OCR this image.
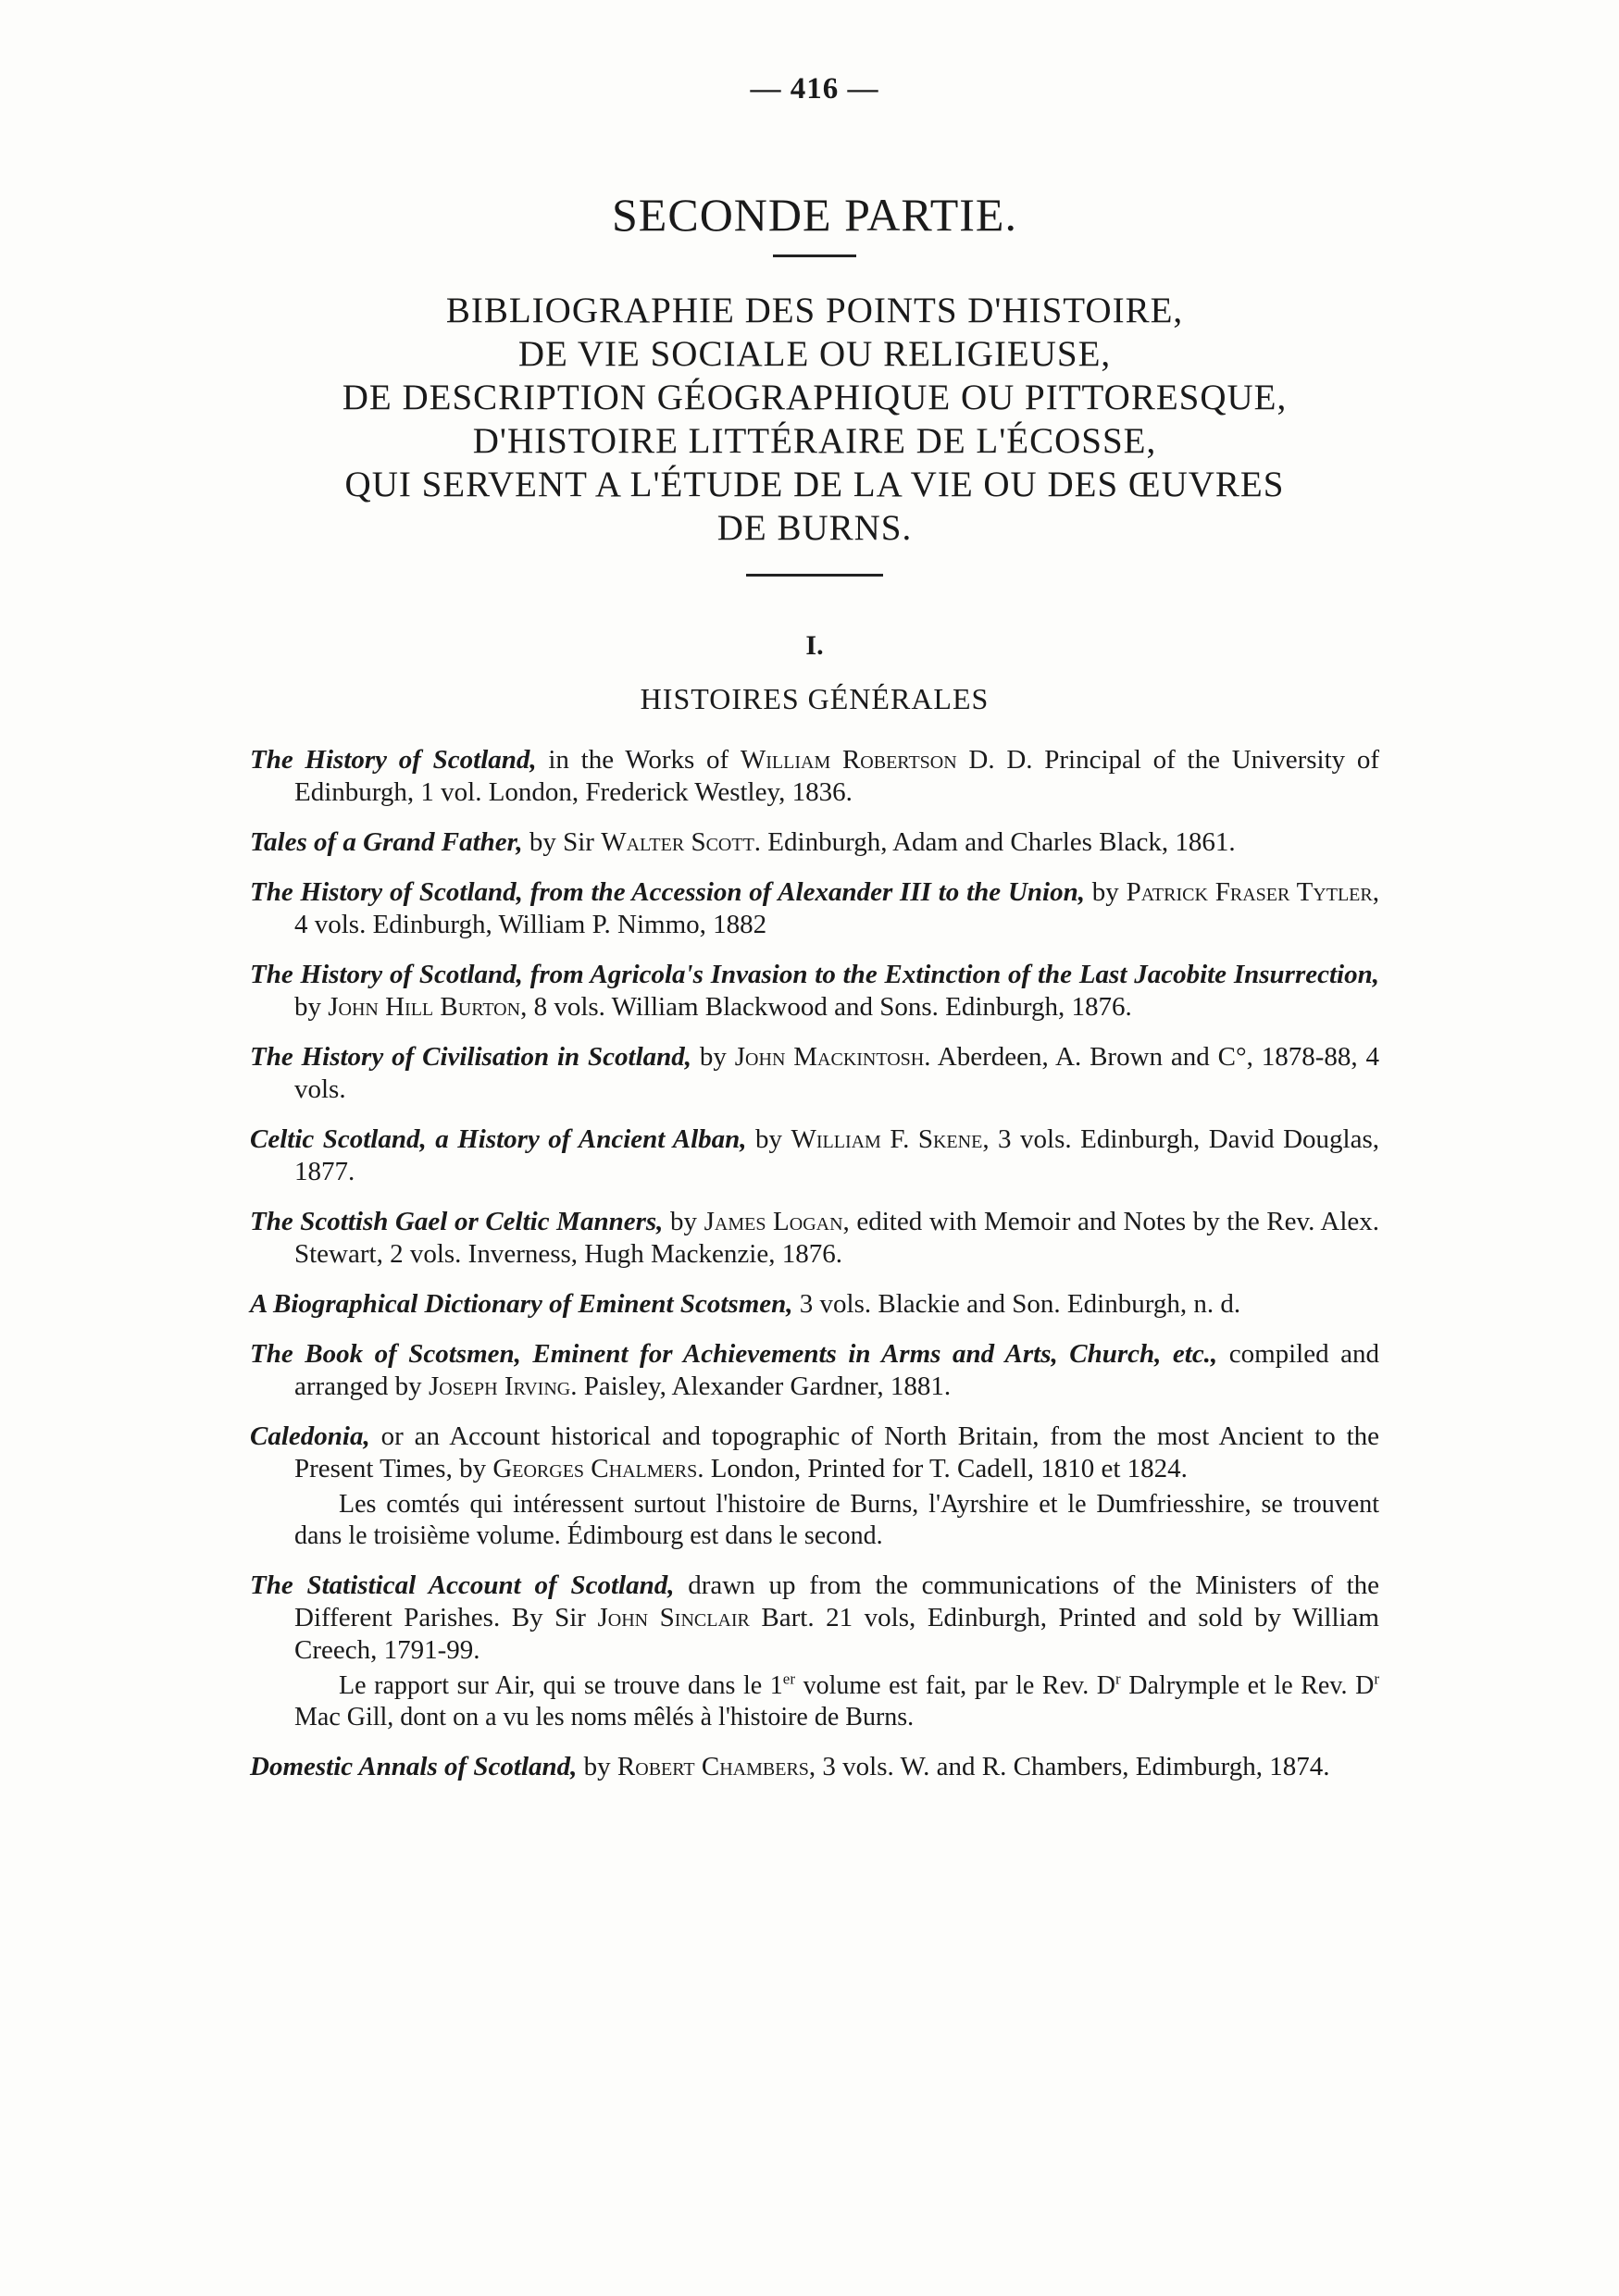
— 416 —
SECONDE PARTIE.
BIBLIOGRAPHIE DES POINTS D'HISTOIRE,
DE VIE SOCIALE OU RELIGIEUSE,
DE DESCRIPTION GÉOGRAPHIQUE OU PITTORESQUE,
D'HISTOIRE LITTÉRAIRE DE L'ÉCOSSE,
QUI SERVENT A L'ÉTUDE DE LA VIE OU DES ŒUVRES
DE BURNS.
I.
HISTOIRES GÉNÉRALES
The History of Scotland, in the Works of William Robertson D. D. Principal of the University of Edinburgh, 1 vol. London, Frederick Westley, 1836.
Tales of a Grand Father, by Sir Walter Scott. Edinburgh, Adam and Charles Black, 1861.
The History of Scotland, from the Accession of Alexander III to the Union, by Patrick Fraser Tytler, 4 vols. Edinburgh, William P. Nimmo, 1882
The History of Scotland, from Agricola's Invasion to the Extinction of the Last Jacobite Insurrection, by John Hill Burton, 8 vols. William Blackwood and Sons. Edinburgh, 1876.
The History of Civilisation in Scotland, by John Mackintosh. Aberdeen, A. Brown and C°, 1878-88, 4 vols.
Celtic Scotland, a History of Ancient Alban, by William F. Skene, 3 vols. Edinburgh, David Douglas, 1877.
The Scottish Gael or Celtic Manners, by James Logan, edited with Memoir and Notes by the Rev. Alex. Stewart, 2 vols. Inverness, Hugh Mackenzie, 1876.
A Biographical Dictionary of Eminent Scotsmen, 3 vols. Blackie and Son. Edinburgh, n. d.
The Book of Scotsmen, Eminent for Achievements in Arms and Arts, Church, etc., compiled and arranged by Joseph Irving. Paisley, Alexander Gardner, 1881.
Caledonia, or an Account historical and topographic of North Britain, from the most Ancient to the Present Times, by Georges Chalmers. London, Printed for T. Cadell, 1810 et 1824.
Les comtés qui intéressent surtout l'histoire de Burns, l'Ayrshire et le Dumfriesshire, se trouvent dans le troisième volume. Édimbourg est dans le second.
The Statistical Account of Scotland, drawn up from the communications of the Ministers of the Different Parishes. By Sir John Sinclair Bart. 21 vols, Edinburgh, Printed and sold by William Creech, 1791-99.
Le rapport sur Air, qui se trouve dans le 1er volume est fait, par le Rev. $D^r$ Dalrymple et le Rev. $D^r$ Mac Gill, dont on a vu les noms mêlés à l'histoire de Burns.
Domestic Annals of Scotland, by Robert Chambers, 3 vols. W. and R. Chambers, Edimburgh, 1874.
